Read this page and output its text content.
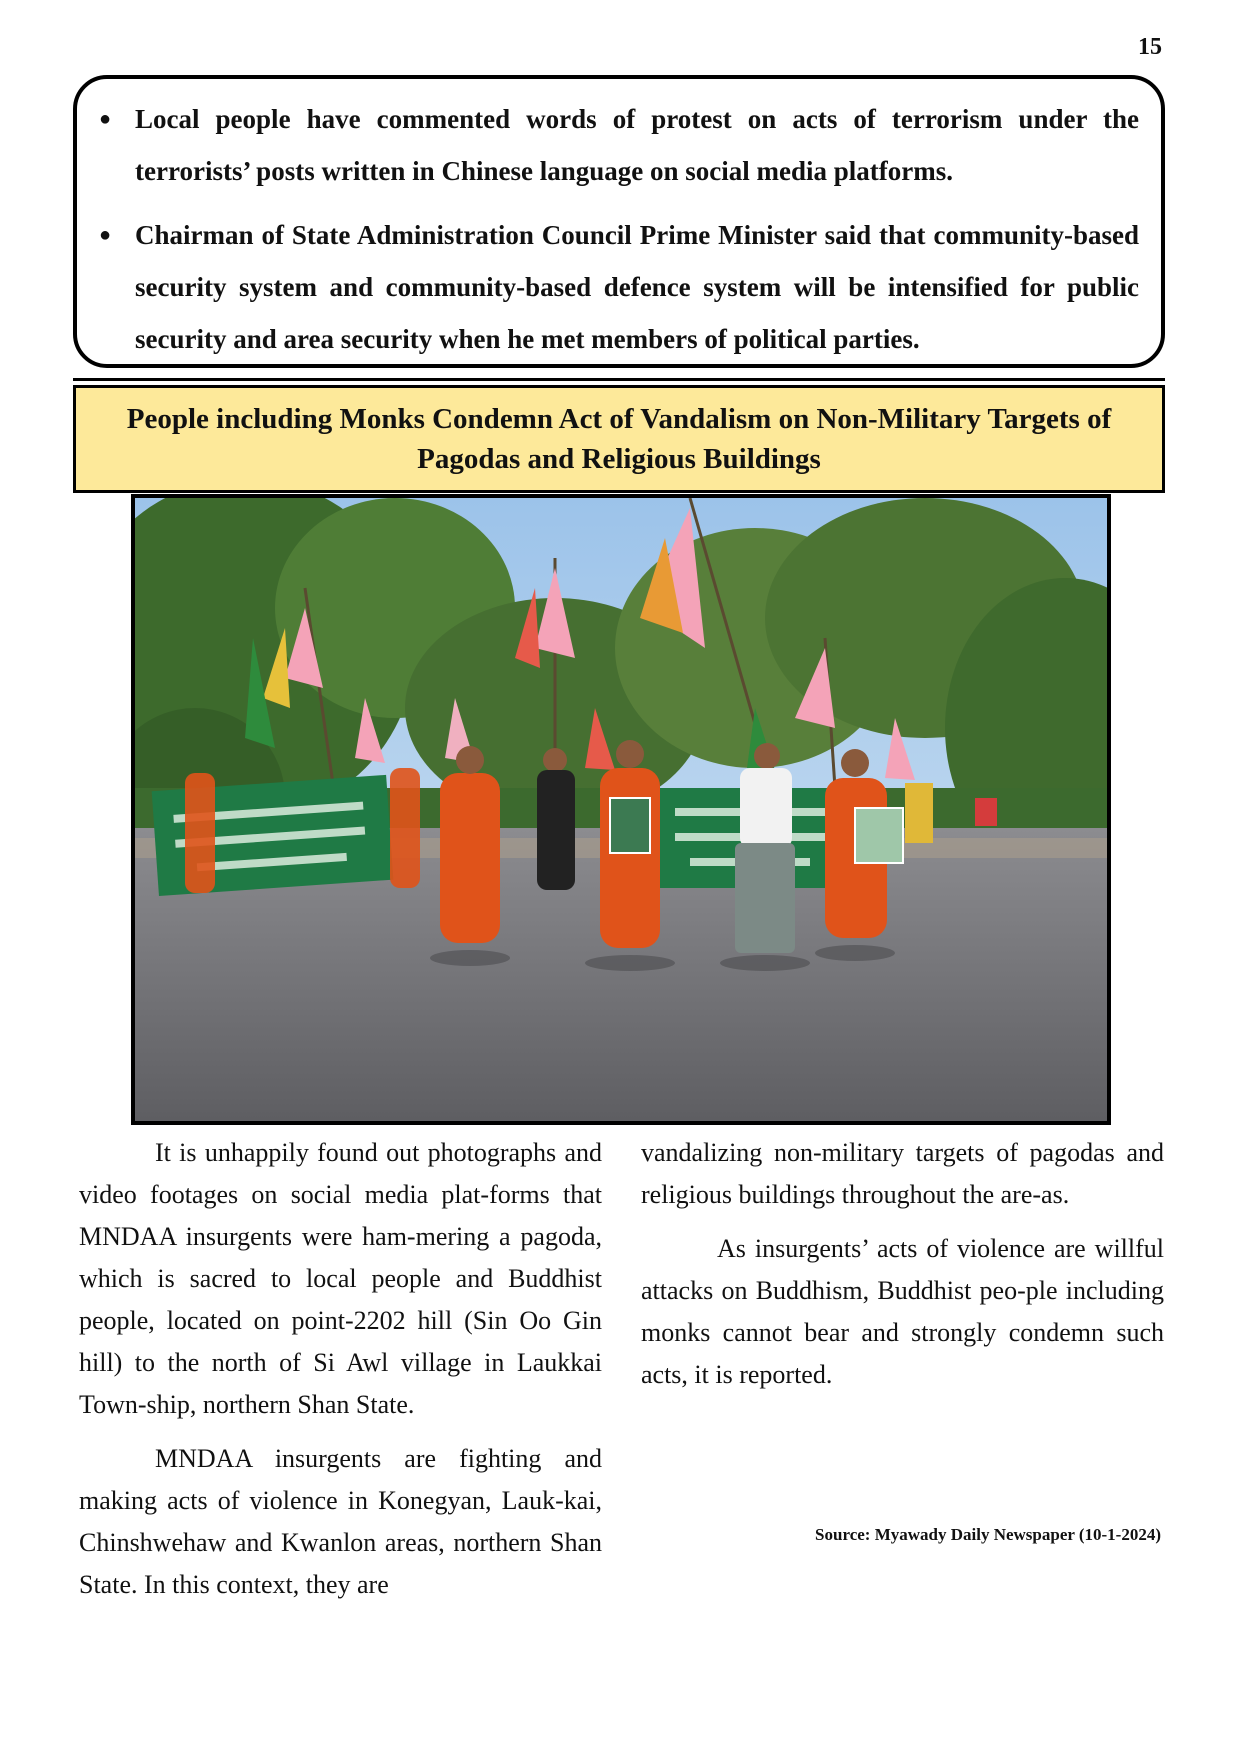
15
● Local people have commented words of protest on acts of terrorism under the terrorists’ posts written in Chinese language on social media platforms.
● Chairman of State Administration Council Prime Minister said that community-based security system and community-based defence system will be intensified for public security and area security when he met members of political parties.
People including Monks Condemn Act of Vandalism on Non-Military Targets of Pagodas and Religious Buildings

It is unhappily found out photographs and video footages on social media plat-forms that MNDAA insurgents were ham-mering a pagoda, which is sacred to local people and Buddhist people, located on point-2202 hill (Sin Oo Gin hill) to the north of Si Awl village in Laukkai Town-ship, northern Shan State.

MNDAA insurgents are fighting and making acts of violence in Konegyan, Lauk-kai, Chinshwehaw and Kwanlon areas, northern Shan State. In this context, they are

vandalizing non-military targets of pagodas and religious buildings throughout the are-as.

As insurgents’ acts of violence are willful attacks on Buddhism, Buddhist peo-ple including monks cannot bear and strongly condemn such acts, it is reported.

Source: Myawady Daily Newspaper (10-1-2024)
